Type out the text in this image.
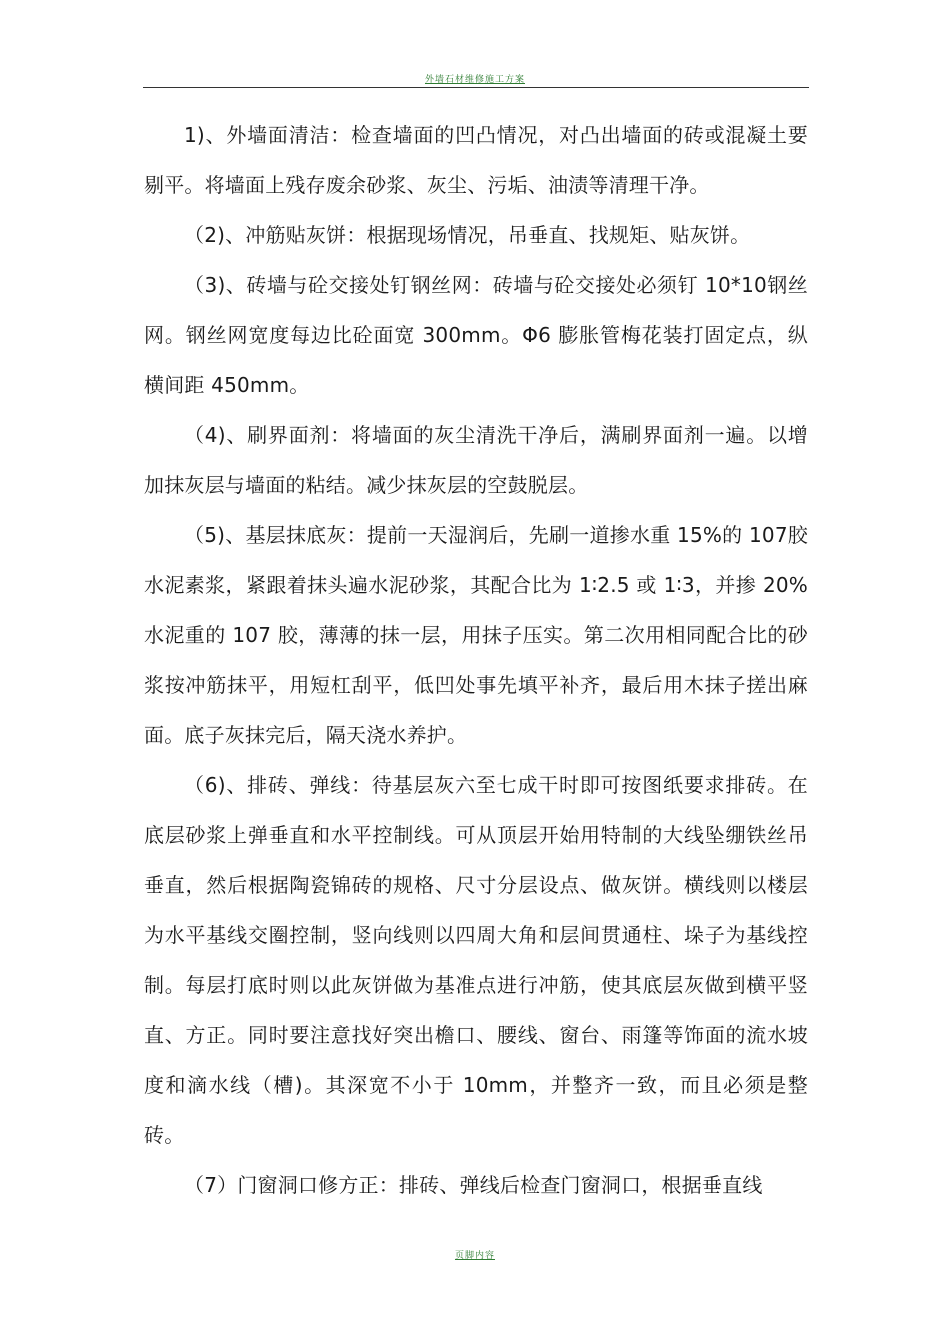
外墙石材维修施工方案

1)、外墙面清洁：检查墙面的凹凸情况，对凸出墙面的砖或混凝土要剔平。将墙面上残存废余砂浆、灰尘、污垢、油渍等清理干净。

（2)、冲筋贴灰饼：根据现场情况，吊垂直、找规矩、贴灰饼。

（3)、砖墙与砼交接处钉钢丝网：砖墙与砼交接处必须钉 10*10钢丝网。钢丝网宽度每边比砼面宽 300mm。Φ6 膨胀管梅花装打固定点，纵横间距 450mm。

（4)、刷界面剂：将墙面的灰尘清洗干净后，满刷界面剂一遍。以增加抹灰层与墙面的粘结。减少抹灰层的空鼓脱层。

（5)、基层抹底灰：提前一天湿润后，先刷一道掺水重 15%的 107胶水泥素浆，紧跟着抹头遍水泥砂浆，其配合比为 1∶2.5 或 1∶3，并掺 20%水泥重的 107 胶，薄薄的抹一层，用抹子压实。第二次用相同配合比的砂浆按冲筋抹平，用短杠刮平，低凹处事先填平补齐，最后用木抹子搓出麻面。底子灰抹完后，隔天浇水养护。

（6)、排砖、弹线：待基层灰六至七成干时即可按图纸要求排砖。在底层砂浆上弹垂直和水平控制线。可从顶层开始用特制的大线坠绷铁丝吊垂直，然后根据陶瓷锦砖的规格、尺寸分层设点、做灰饼。横线则以楼层为水平基线交圈控制，竖向线则以四周大角和层间贯通柱、垛子为基线控制。每层打底时则以此灰饼做为基准点进行冲筋，使其底层灰做到横平竖直、方正。同时要注意找好突出檐口、腰线、窗台、雨篷等饰面的流水坡度和滴水线（槽)。其深宽不小于 10mm，并整齐一致，而且必须是整砖。

（7）门窗洞口修方正：排砖、弹线后检查门窗洞口，根据垂直线

页脚内容
